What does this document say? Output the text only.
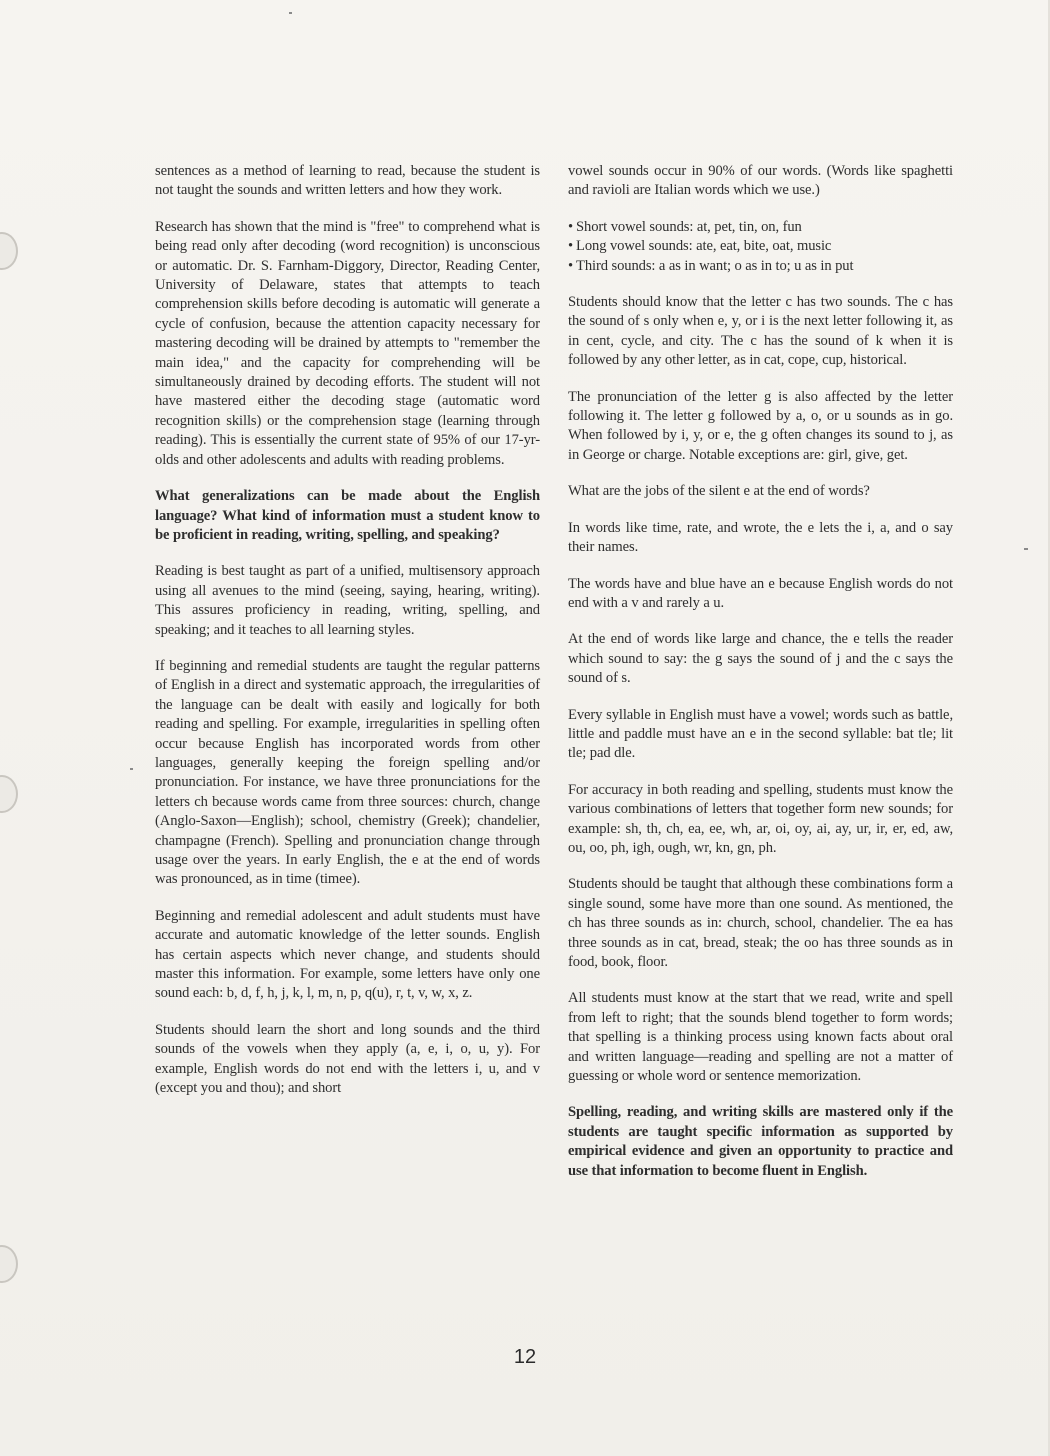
sentences as a method of learning to read, because the student is not taught the sounds and written letters and how they work.

Research has shown that the mind is "free" to comprehend what is being read only after decoding (word recognition) is unconscious or automatic. Dr. S. Farnham-Diggory, Director, Reading Center, University of Delaware, states that attempts to teach comprehension skills before decoding is automatic will generate a cycle of confusion, because the attention capacity necessary for mastering decoding will be drained by attempts to "remember the main idea," and the capacity for comprehending will be simultaneously drained by decoding efforts. The student will not have mastered either the decoding stage (automatic word recognition skills) or the comprehension stage (learning through reading). This is essentially the current state of 95% of our 17-yr-olds and other adolescents and adults with reading problems.

What generalizations can be made about the English language? What kind of information must a student know to be proficient in reading, writing, spelling, and speaking?

Reading is best taught as part of a unified, multisensory approach using all avenues to the mind (seeing, saying, hearing, writing). This assures proficiency in reading, writing, spelling, and speaking; and it teaches to all learning styles.

If beginning and remedial students are taught the regular patterns of English in a direct and systematic approach, the irregularities of the language can be dealt with easily and logically for both reading and spelling. For example, irregularities in spelling often occur because English has incorporated words from other languages, generally keeping the foreign spelling and/or pronunciation. For instance, we have three pronunciations for the letters ch because words came from three sources: church, change (Anglo-Saxon—English); school, chemistry (Greek); chandelier, champagne (French). Spelling and pronunciation change through usage over the years. In early English, the e at the end of words was pronounced, as in time (timee).

Beginning and remedial adolescent and adult students must have accurate and automatic knowledge of the letter sounds. English has certain aspects which never change, and students should master this information. For example, some letters have only one sound each: b, d, f, h, j, k, l, m, n, p, q(u), r, t, v, w, x, z.

Students should learn the short and long sounds and the third sounds of the vowels when they apply (a, e, i, o, u, y). For example, English words do not end with the letters i, u, and v (except you and thou); and short

vowel sounds occur in 90% of our words. (Words like spaghetti and ravioli are Italian words which we use.)

• Short vowel sounds: at, pet, tin, on, fun
• Long vowel sounds: ate, eat, bite, oat, music
• Third sounds: a as in want; o as in to; u as in put

Students should know that the letter c has two sounds. The c has the sound of s only when e, y, or i is the next letter following it, as in cent, cycle, and city. The c has the sound of k when it is followed by any other letter, as in cat, cope, cup, historical.

The pronunciation of the letter g is also affected by the letter following it. The letter g followed by a, o, or u sounds as in go. When followed by i, y, or e, the g often changes its sound to j, as in George or charge. Notable exceptions are: girl, give, get.

What are the jobs of the silent e at the end of words?

In words like time, rate, and wrote, the e lets the i, a, and o say their names.

The words have and blue have an e because English words do not end with a v and rarely a u.

At the end of words like large and chance, the e tells the reader which sound to say: the g says the sound of j and the c says the sound of s.

Every syllable in English must have a vowel; words such as battle, little and paddle must have an e in the second syllable: bat tle; lit tle; pad dle.

For accuracy in both reading and spelling, students must know the various combinations of letters that together form new sounds; for example: sh, th, ch, ea, ee, wh, ar, oi, oy, ai, ay, ur, ir, er, ed, aw, ou, oo, ph, igh, ough, wr, kn, gn, ph.

Students should be taught that although these combinations form a single sound, some have more than one sound. As mentioned, the ch has three sounds as in: church, school, chandelier. The ea has three sounds as in cat, bread, steak; the oo has three sounds as in food, book, floor.

All students must know at the start that we read, write and spell from left to right; that the sounds blend together to form words; that spelling is a thinking process using known facts about oral and written language—reading and spelling are not a matter of guessing or whole word or sentence memorization.

Spelling, reading, and writing skills are mastered only if the students are taught specific information as supported by empirical evidence and given an opportunity to practice and use that information to become fluent in English.

12
